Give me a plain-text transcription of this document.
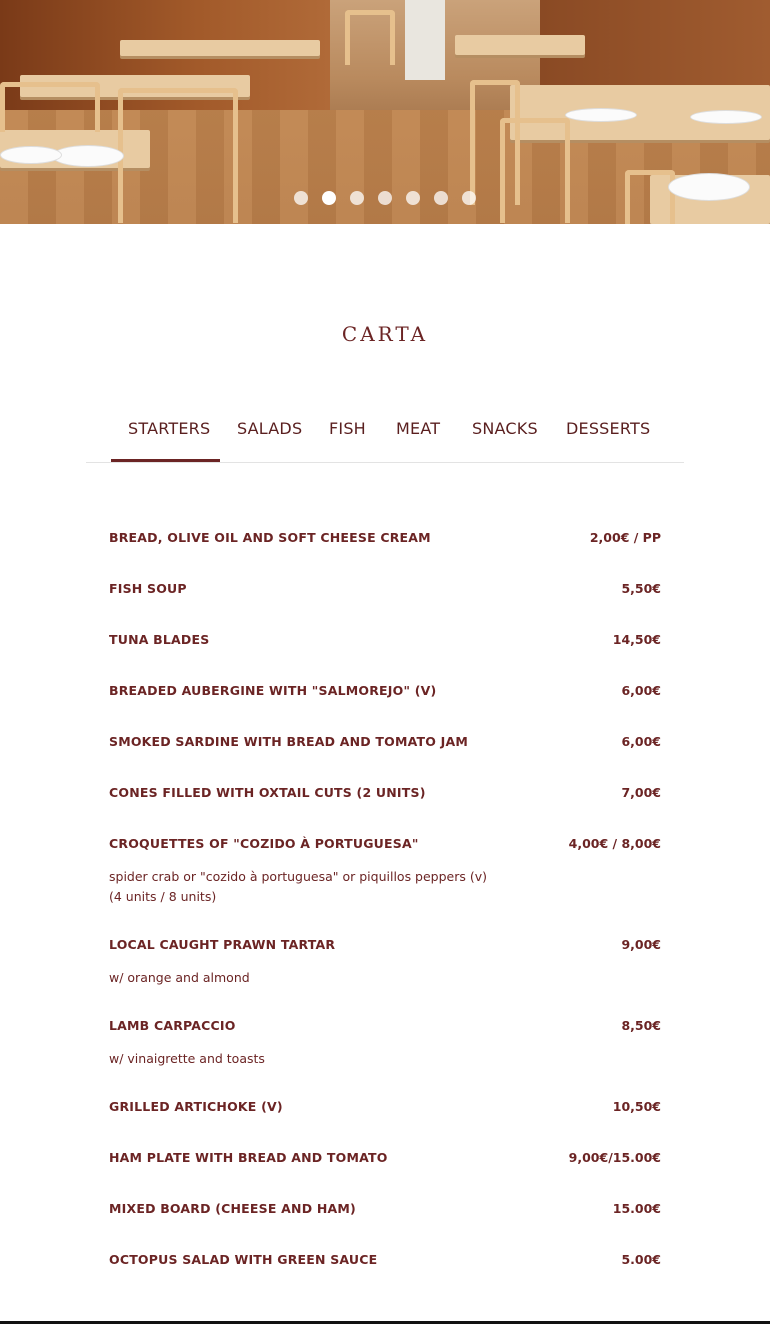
CARTA
STARTERS SALADS FISH MEAT SNACKS DESSERTS
BREAD, OLIVE OIL AND SOFT CHEESE CREAM	2,00€ / PP
FISH SOUP	5,50€
TUNA BLADES	14,50€
BREADED AUBERGINE WITH "SALMOREJO" (V)	6,00€
SMOKED SARDINE WITH BREAD AND TOMATO JAM	6,00€
CONES FILLED WITH OXTAIL CUTS (2 UNITS)	7,00€
CROQUETTES OF "COZIDO À PORTUGUESA"	4,00€ / 8,00€
spider crab or "cozido à portuguesa" or piquillos peppers (v)
(4 units / 8 units)
LOCAL CAUGHT PRAWN TARTAR	9,00€
w/ orange and almond
LAMB CARPACCIO	8,50€
w/ vinaigrette and toasts
GRILLED ARTICHOKE (V)	10,50€
HAM PLATE WITH BREAD AND TOMATO	9,00€/15.00€
MIXED BOARD (CHEESE AND HAM)	15.00€
OCTOPUS SALAD WITH GREEN SAUCE	5.00€
